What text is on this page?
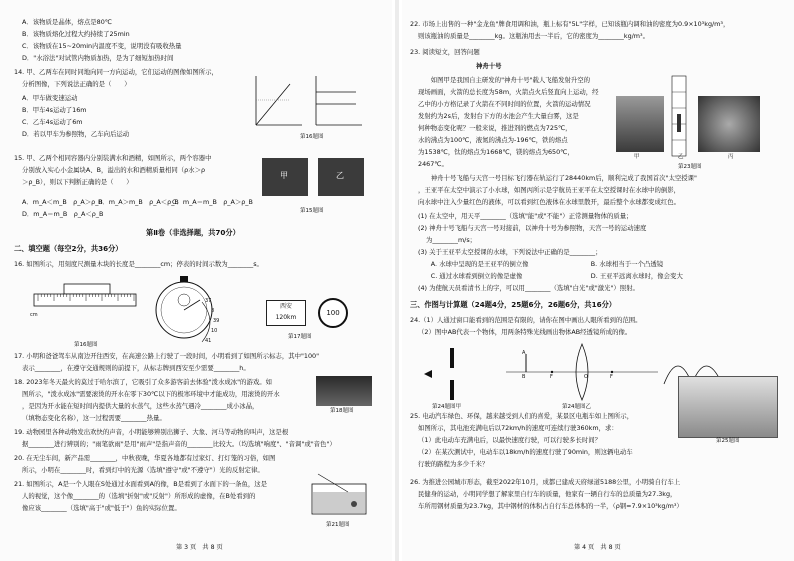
A．该物质是晶体，熔点是80℃
B．该物质熔化过程大约持续了25min
C．该物质在15~20min内温度不变，说明没有吸收热量
D．"水浴法"对试管内物质加热，是为了细短加热时间
14. 甲、乙两车在同时同地向同一方向运动，它们运动的图像如图所示，
分析图像，下列说法正确的是（　　）
A．甲车做变速运动
B．甲车4s运动了16m
C．乙车4s运动了6m
D．若以甲车为参照物，乙车向后运动	第16题图
15. 甲、乙两个相同容器内分别装满水和酒精，如图所示，两个容器中
分别放入实心小金属块A、B，溢出的水和酒精质量相同（ρ水＞ρ
＞ρ_B），则以下判断正确的是（　　）
A．m_A＜m_B　ρ_A＞ρ_B
B．m_A＞m_B　ρ_A＜ρ_B
C．m_A＝m_B　ρ_A＞ρ_B
D．m_A＝m_B　ρ_A＜ρ_B
甲	乙
第15题图
第Ⅱ卷（非选择题，共70分）
二、填空题（每空2分，共36分）
16. 如图所示，用刻度尺测量木块的长度是________cm；停表的时间示数为________s。
cm
37
8
39
10
41
第16题图
西安
120km
100
第17题图
17. 小明和爸爸驾车从南边开往西安，在高速公路上行驶了一段时间，小明看到了如图所示标志，其中"100"
表示________，在遵守交通规则的前提下，从标志牌到西安至少需要________h。
18. 2023年冬天最火的莫过于哈尔滨了，它吸引了众多游客前去体验"泼水成冰"的游戏。如
图所示，"泼水成冰"需要滚烫的开水在零下30℃以下的极寒环境中才能成功，用滚烫的开水
，是因为开水能在短时间内提供大量的水蒸气，这些水蒸气遇冷________成小冰晶，
（填物态变化名称），这一过程需要________热量。
第18题图
19. 动物园里各种动物发出欢快的声音，小明能够辨别出狮子、大象、河马等动物的叫声，这是根
据________进行辨别的；"雨笔欲雨"是用"雨声"是指声音的________比较大。（均选填"响度"、"音调"或"音色"）
20. 在无尘车间，新产品需________，中秋夜晚，华夏各地都有过家灯、打灯笼的习俗，如图
所示，小明在________时，看到灯中的光源（选填"遵守"或"不遵守"）光的反射定律。
21. 如图所示，A是一个人眼在S处通过水面看到A的像，B是看到了水面下的一条鱼，这是
人的视觉，这个像________的（选填"折射"或"反射"）所形成的虚像，在B处看到的
像应该________（选填"高于"或"低于"）鱼的实际位置。
第21题图
第 3 页　共 8 页
22. 市场上出售的一种"金龙鱼"牌食用调和油，瓶上标有"5L"字样，已知该瓶内调和油的密度为0.9×10³kg/m³，
则该瓶油的质量是________kg。这瓶油用去一半后，它的密度为________kg/m³。
23. 阅读短文，回答问题
神舟十号
　　如图甲是我国自主研发的"神舟十号"载人飞船发射升空的
现场画面，火箭的总长度为58m，火箭点火后竖直向上运动，经
乙中的小方格记录了火箭在不同时间的位置，火箭的运动情况
发射约为2s后，发射台下方的水池会产生大量白雾，这是
何种物态变化呢？一般来说，推进剂的燃点为725℃，
水的沸点为100℃，液氮的沸点为-196℃，铁的熔点
为1538℃，钛的熔点为1668℃，镁的熔点为650℃，
2467℃。
甲	乙	丙
第23题图
　　神舟十号飞船与天宫一号目标飞行器在轨运行了28440km后，顺利完成了我国首次"太空授课"
，王亚平在太空中演示了小水球，如图丙所示是宇航员王亚平在太空授课时在水球中的倒影，
向水球中注入少量红色的液体，可以看到红色液体在水球里散开，最后整个水球都变成红色。
(1) 在太空中，用天平________（选填"能"或"不能"）正常测量物体的质量；
(2) 神舟十号飞船与天宫一号对接前，以神舟十号为参照物，天宫一号的运动速度
为________m/s；
(3) 关于王亚平太空授课的水球，下列说法中正确的是________；
　　A. 水球中呈现的是王亚平的倒立像	　　B. 水球相当于一个凸透镜
　　C. 通过水球看到倒立的像是虚像	　　D. 王亚平远离水球时，像会变大
(4) 为使航天员看清书上的字，可以用________（选填"白光"或"激光"）照射。
三、作图与计算题（24题4分，25题6分，26题6分，共16分）
24.（1）人通过窗口能看到的范围是有限的，请你在图中画出人眼所看到的范围。
（2）图中AB代表一个物体，用两条特殊光线画出物体AB经透镜所成的像。
第24题图甲
A
B	F	O	F
第24题图乙
第25题图
25. 电动汽车绿色、环保，越来越受到人们的喜爱，某景区电瓶车如上图所示，
如图所示，其电池充满电后以72km/h的速度可连续行驶360km，求：
（1）此电动车充满电后，以最快速度行驶，可以行驶多长时间？
（2）在某次测试中，电动车以18km/h的速度行驶了90min，则这辆电动车
行驶的路程为多少千米？
26. 为推进公园城市形态，截至2022年10月，成都已建成天府绿道5188公里，小明骑自行车上
民健身的运动，小明同学想了解家里自行车的质量，他家有一辆自行车的总质量为27.3kg，
车所用钢材质量为23.7kg，其中钢材的体积占自行车总体积的一半，（ρ钢=7.9×10³kg/m³）
第 4 页　共 8 页
